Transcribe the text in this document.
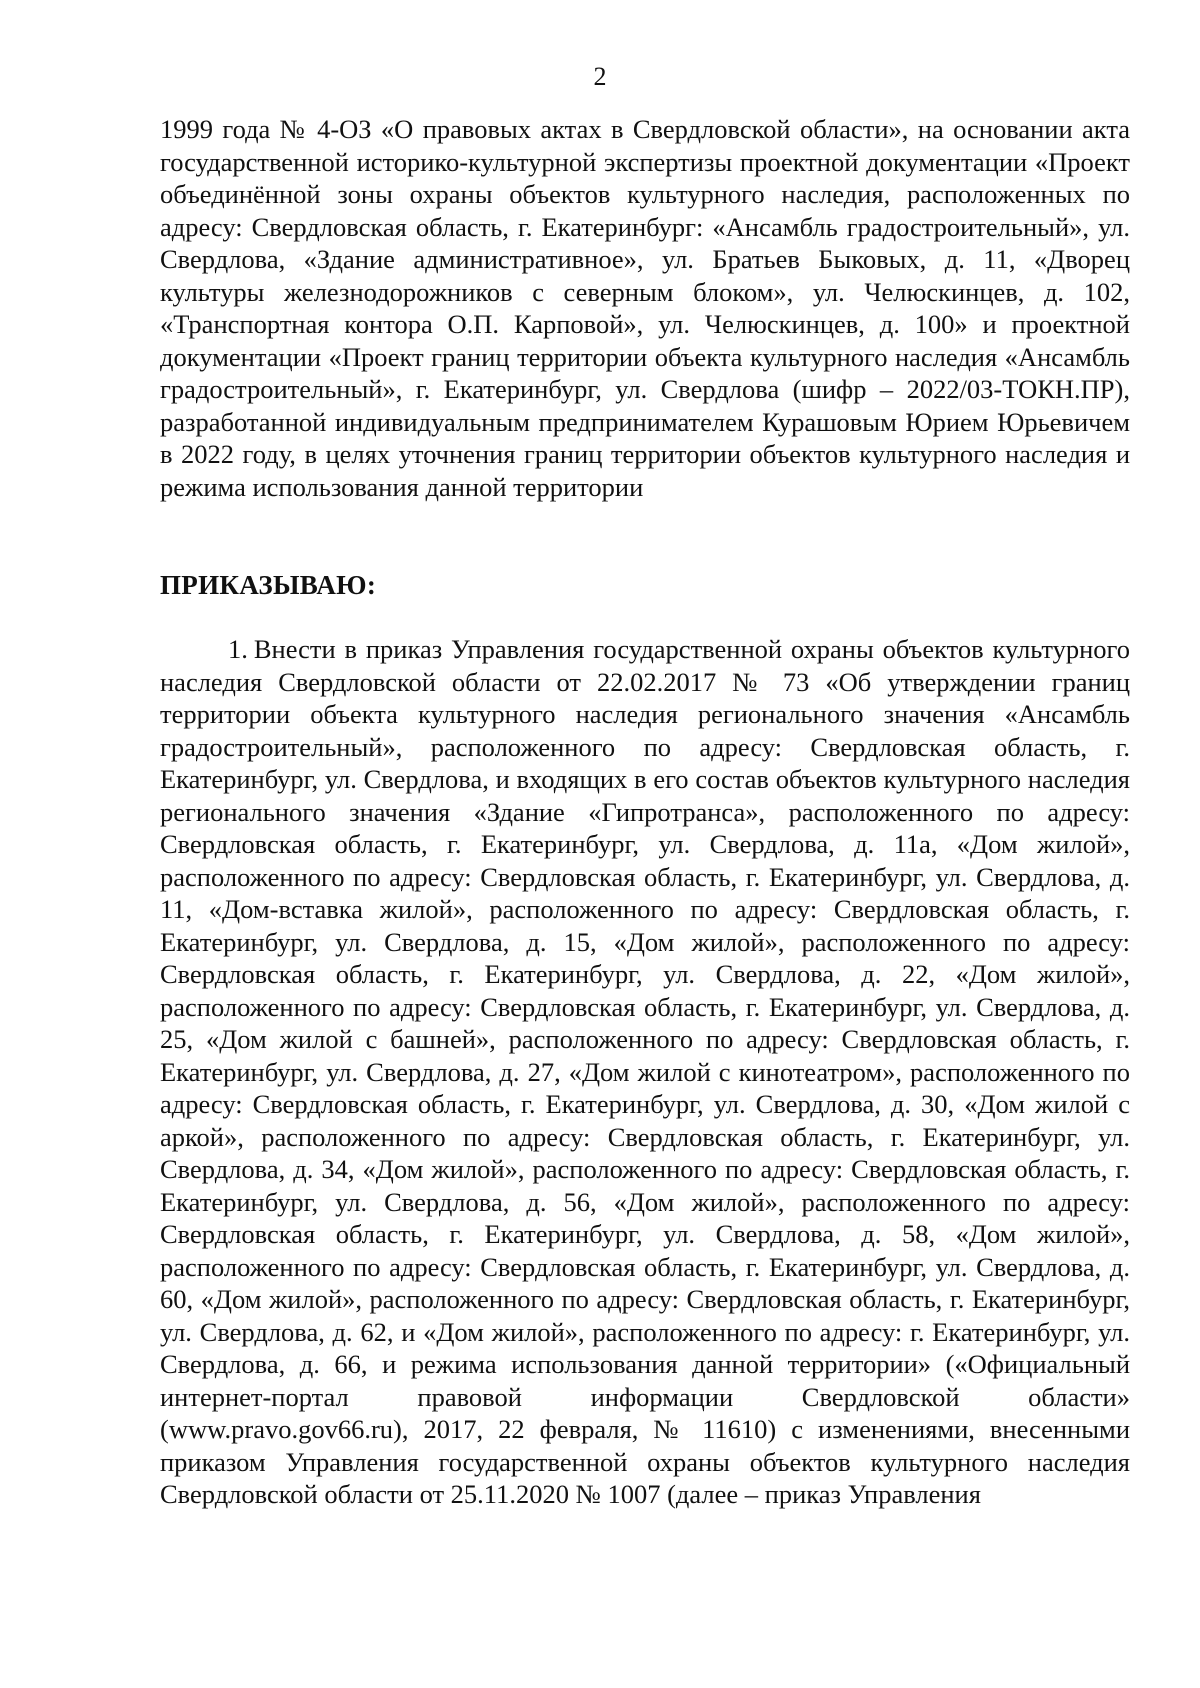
2

1999 года № 4-ОЗ «О правовых актах в Свердловской области», на основании акта государственной историко-культурной экспертизы проектной документации «Проект объединённой зоны охраны объектов культурного наследия, расположенных по адресу: Свердловская область, г. Екатеринбург: «Ансамбль градостроительный», ул. Свердлова, «Здание административное», ул. Братьев Быковых, д. 11, «Дворец культуры железнодорожников с северным блоком», ул. Челюскинцев, д. 102, «Транспортная контора О.П. Карповой», ул. Челюскинцев, д. 100» и проектной документации «Проект границ территории объекта культурного наследия «Ансамбль градостроительный», г. Екатеринбург, ул. Свердлова (шифр – 2022/03-ТОКН.ПР), разработанной индивидуальным предпринимателем Курашовым Юрием Юрьевичем в 2022 году, в целях уточнения границ территории объектов культурного наследия и режима использования данной территории

ПРИКАЗЫВАЮ:

1. Внести в приказ Управления государственной охраны объектов культурного наследия Свердловской области от 22.02.2017 № 73 «Об утверждении границ территории объекта культурного наследия регионального значения «Ансамбль градостроительный», расположенного по адресу: Свердловская область, г. Екатеринбург, ул. Свердлова, и входящих в его состав объектов культурного наследия регионального значения «Здание «Гипротранса», расположенного по адресу: Свердловская область, г. Екатеринбург, ул. Свердлова, д. 11а, «Дом жилой», расположенного по адресу: Свердловская область, г. Екатеринбург, ул. Свердлова, д. 11, «Дом-вставка жилой», расположенного по адресу: Свердловская область, г. Екатеринбург, ул. Свердлова, д. 15, «Дом жилой», расположенного по адресу: Свердловская область, г. Екатеринбург, ул. Свердлова, д. 22, «Дом жилой», расположенного по адресу: Свердловская область, г. Екатеринбург, ул. Свердлова, д. 25, «Дом жилой с башней», расположенного по адресу: Свердловская область, г. Екатеринбург, ул. Свердлова, д. 27, «Дом жилой с кинотеатром», расположенного по адресу: Свердловская область, г. Екатеринбург, ул. Свердлова, д. 30, «Дом жилой с аркой», расположенного по адресу: Свердловская область, г. Екатеринбург, ул. Свердлова, д. 34, «Дом жилой», расположенного по адресу: Свердловская область, г. Екатеринбург, ул. Свердлова, д. 56, «Дом жилой», расположенного по адресу: Свердловская область, г. Екатеринбург, ул. Свердлова, д. 58, «Дом жилой», расположенного по адресу: Свердловская область, г. Екатеринбург, ул. Свердлова, д. 60, «Дом жилой», расположенного по адресу: Свердловская область, г. Екатеринбург, ул. Свердлова, д. 62, и «Дом жилой», расположенного по адресу: г. Екатеринбург, ул. Свердлова, д. 66, и режима использования данной территории» («Официальный интернет-портал правовой информации Свердловской области» (www.pravo.gov66.ru), 2017, 22 февраля, № 11610) с изменениями, внесенными приказом Управления государственной охраны объектов культурного наследия Свердловской области от 25.11.2020 № 1007 (далее – приказ Управления
